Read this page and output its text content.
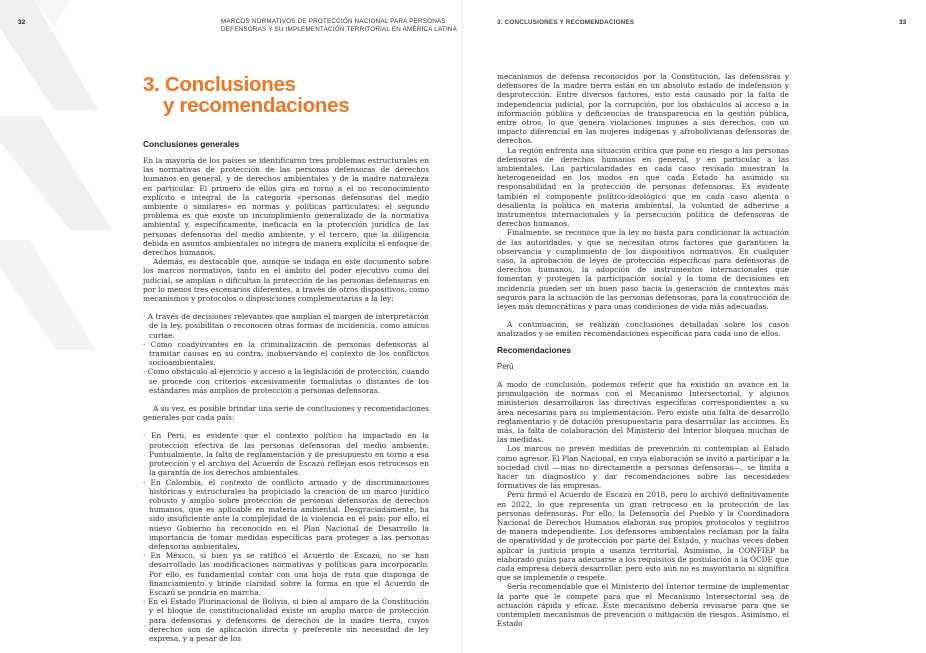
32	MARCOS NORMATIVOS DE PROTECCIÓN NACIONAL PARA PERSONAS
DEFENSORAS Y SU IMPLEMENTACIÓN TERRITORIAL EN AMÉRICA LATINA
3. Conclusiones
y recomendaciones
Conclusiones generales

En la mayoría de los países se identificaron tres problemas estructurales en las normativas de protección de las personas defensoras de derechos humanos en general, y de derechos ambientales y de la madre naturaleza en particular. El primero de ellos gira en torno a el no reconocimiento explícito e integral de la categoría «personas defensoras del medio ambiente o similares» en normas y políticas particulares; el segundo problema es que existe un incumplimiento generalizado de la normativa ambiental y, específicamente, ineficacia en la protección jurídica de las personas defensoras del medio ambiente, y el tercero, que la diligencia debida en asuntos ambientales no integra de manera explícita el enfoque de derechos humanos.

Además, es destacable que, aunque se indaga en este documento sobre los marcos normativos, tanto en el ámbito del poder ejecutivo como del judicial, se amplían o dificultan la protección de las personas defensoras en por lo menos tres escenarios diferentes, a través de otros dispositivos, como mecanismos y protocolos o disposiciones complementarias a la ley:

· A través de decisiones relevantes que amplían el margen de interpretación de la ley, posibilitan o reconocen otras formas de incidencia, como amicus curiae.
· Como coadyuvantes en la criminalización de personas defensoras al tramitar causas en su contra, inobservando el contexto de los conflictos socioambientales.
· Como obstáculo al ejercicio y acceso a la legislación de protección, cuando se procede con criterios excesivamente formalistas o distantes de los estándares más amplios de protección a personas defensoras.

A su vez, es posible brindar una serie de conclusiones y recomendaciones generales por cada país:

· En Perú, es evidente que el contexto político ha impactado en la protección efectiva de las personas defensoras del medio ambiente. Puntualmente, la falta de reglamentación y de presupuesto en torno a esa protección y el archivo del Acuerdo de Escazú reflejan esos retrocesos en la garantía de los derechos ambientales.
· En Colombia, el contexto de conflicto armado y de discriminaciones históricas y estructurales ha propiciado la creación de un marco jurídico robusto y amplio sobre protección de personas defensoras de derechos humanos, que es aplicable en materia ambiental. Desgraciadamente, ha sido insuficiente ante la complejidad de la violencia en el país; por ello, el nuevo Gobierno ha reconocido en el Plan Nacional de Desarrollo la importancia de tomar medidas específicas para proteger a las personas defensoras ambientales.
· En México, si bien ya se ratificó el Acuerdo de Escazú, no se han desarrollado las modificaciones normativas y políticas para incorporarlo. Por ello, es fundamental contar con una hoja de ruta que disponga de financiamiento y brinde claridad sobre la forma en que el Acuerdo de Escazú se pondría en marcha.
· En el Estado Plurinacional de Bolivia, si bien al amparo de la Constitución y el bloque de constitucionalidad existe un amplio marco de protección para defensoras y defensores de derechos de la madre tierra, cuyos derechos son de aplicación directa y preferente sin necesidad de ley expresa, y a pesar de los
3. CONCLUSIONES Y RECOMENDACIONES	33

mecanismos de defensa reconocidos por la Constitución, las defensoras y defensores de la madre tierra están en un absoluto estado de indefensión y desprotección. Entre diversos factores, esto está causado por la falta de independencia judicial, por la corrupción, por los obstáculos al acceso a la información pública y deficiencias de transparencia en la gestión pública, entre otros, lo que genera violaciones impunes a sus derechos, con un impacto diferencial en las mujeres indígenas y afrobolivianas defensoras de derechos.

La región enfrenta una situación crítica que pone en riesgo a las personas defensoras de derechos humanos en general, y en particular a las ambientales. Las particularidades en cada caso revisado muestran la heterogeneidad en los modos en que cada Estado ha asumido su responsabilidad en la protección de personas defensoras. Es evidente también el componente político-ideológico que en cada caso alienta o desalienta la política en materia ambiental, la voluntad de adherirse a instrumentos internacionales y la persecución política de defensoras de derechos humanos.

Finalmente, se reconoce que la ley no basta para condicionar la actuación de las autoridades, y que se necesitan otros factores que garanticen la observancia y cumplimiento de los dispositivos normativos. En cualquier caso, la aprobación de leyes de protección específicas para defensoras de derechos humanos, la adopción de instrumentos internacionales que fomentan y protegen la participación social y la toma de decisiones en incidencia pueden ser un buen paso hacia la generación de contextos más seguros para la actuación de las personas defensoras, para la construcción de leyes más democráticas y para unas condiciones de vida más adecuadas.

A continuación, se realizan conclusiones detalladas sobre los casos analizados y se emiten recomendaciones específicas para cada uno de ellos.

Recomendaciones
Perú

A modo de conclusión, podemos referir que ha existido un avance en la promulgación de normas con el Mecanismo Intersectorial, y algunos ministerios desarrollaron las directivas específicas correspondientes a su área necesarias para su implementación. Pero existe una falta de desarrollo reglamentario y de dotación presupuestaria para desarrollar las acciones. Es más, la falta de colaboración del Ministerio del Interior bloquea muchas de las medidas.

Los marcos no prevén medidas de prevención ni contemplan al Estado como agresor. El Plan Nacional, en cuya elaboración se invitó a participar a la sociedad civil —mas no directamente a personas defensoras—, se limita a hacer un diagnóstico y dar recomendaciones sobre las necesidades formativas de las empresas.

Perú firmó el Acuerdo de Escazú en 2018, pero lo archivó definitivamente en 2022, lo que representa un gran retroceso en la protección de las personas defensoras. Por ello, la Defensoría del Pueblo y la Coordinadora Nacional de Derechos Humanos elaboran sus propios protocolos y registros de manera independiente. Los defensores ambientales reclaman por la falta de operatividad y de protección por parte del Estado, y muchas veces deben aplicar la justicia propia a usanza territorial. Asimismo, la CONFIEP ha elaborado guías para adecuarse a los requisitos de postulación a la OCDE que cada empresa deberá desarrollar, pero esto aún no es mayoritario ni significa que se implemente o respete.

Sería recomendable que el Ministerio del Interior termine de implementar la parte que le compete para que el Mecanismo Intersectorial sea de actuación rápida y eficaz. Este mecanismo debería revisarse para que se contemplen mecanismos de prevención o mitigación de riesgos. Asimismo, el Estado
